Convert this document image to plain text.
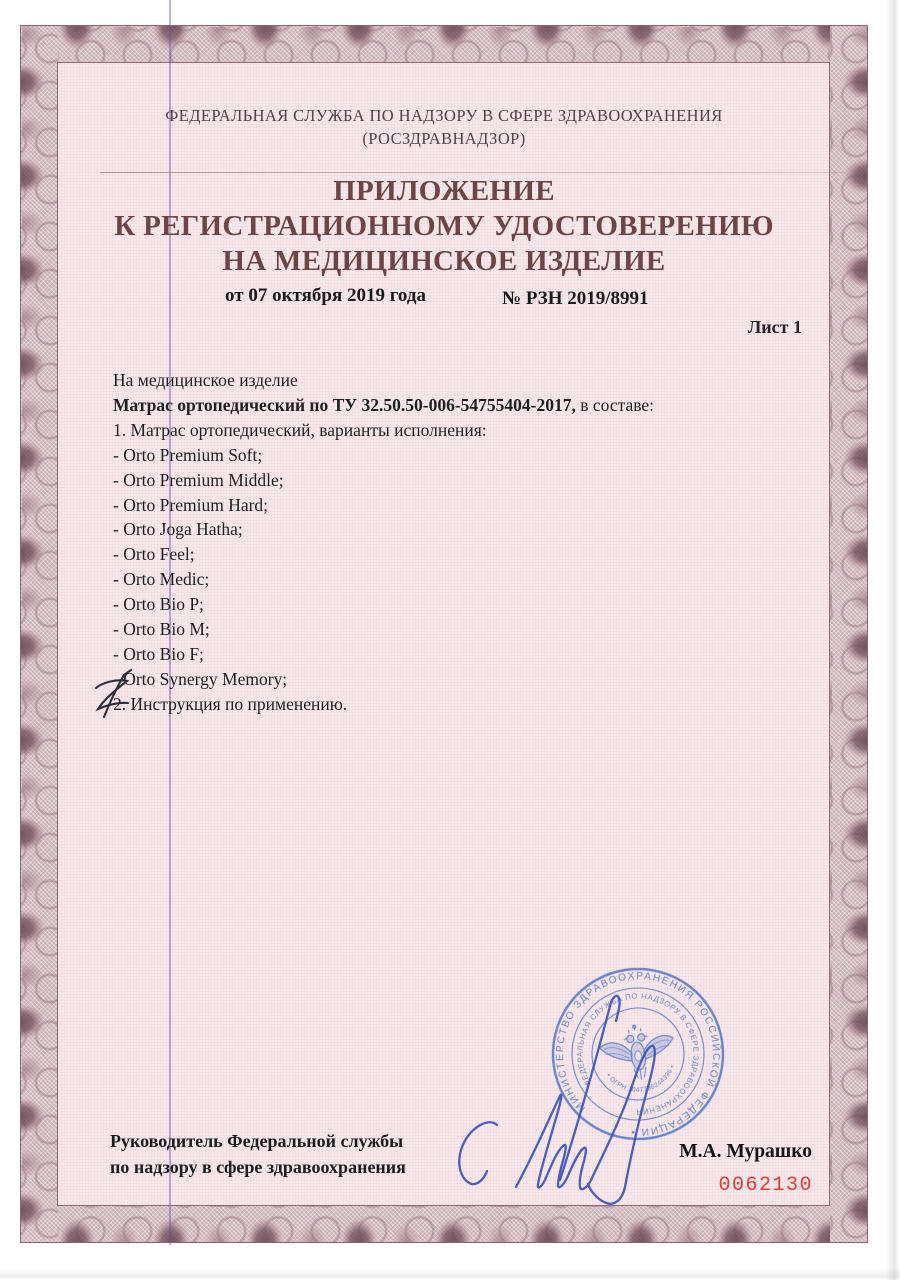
ФЕДЕРАЛЬНАЯ СЛУЖБА ПО НАДЗОРУ В СФЕРЕ ЗДРАВООХРАНЕНИЯ
(РОСЗДРАВНАДЗОР)
ПРИЛОЖЕНИЕ
К РЕГИСТРАЦИОННОМУ УДОСТОВЕРЕНИЮ
НА МЕДИЦИНСКОЕ ИЗДЕЛИЕ
от 07 октября 2019 года	№ РЗН 2019/8991
Лист 1
На медицинское изделие
Матрас ортопедический по ТУ 32.50.50-006-54755404-2017, в составе:
1. Матрас ортопедический, варианты исполнения:
- Orto Premium Soft;
- Orto Premium Middle;
- Orto Premium Hard;
- Orto Joga Hatha;
- Orto Feel;
- Orto Medic;
- Orto Bio P;
- Orto Bio M;
- Orto Bio F;
- Orto Synergy Memory;
2. Инструкция по применению.
МИНИСТЕРСТВО ЗДРАВООХРАНЕНИЯ РОССИЙСКОЙ ФЕДЕРАЦИИ •
ФЕДЕРАЛЬНАЯ СЛУЖБА ПО НАДЗОРУ В СФЕРЕ ЗДРАВООХРАНЕНИЯ
• ОГРН 1047796244396 •
Руководитель Федеральной службы
по надзору в сфере здравоохранения
М.А. Мурашко
0062130
